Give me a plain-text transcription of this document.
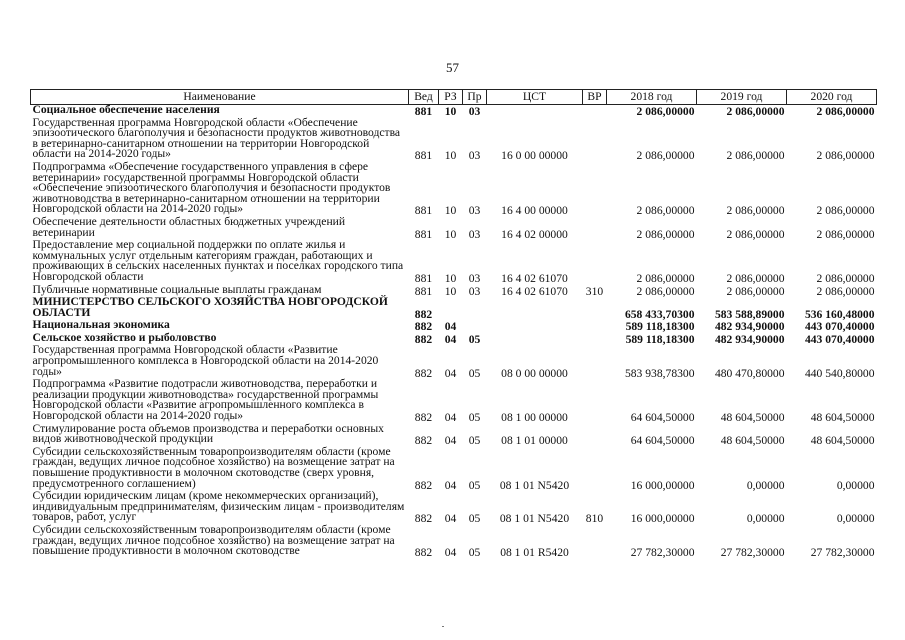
57
Наименование	Вед	РЗ	Пр	ЦСТ	ВР	2018 год	2019 год	2020 год
Социальное обеспечение населения	881	10	03			2 086,00000	2 086,00000	2 086,00000
Государственная программа Новгородской области «Обеспечение эпизоотического благополучия и безопасности продуктов животноводства в ветеринарно-санитарном отношении на территории Новгородской области на 2014-2020 годы»	881	10	03	16 0 00 00000		2 086,00000	2 086,00000	2 086,00000
Подпрограмма «Обеспечение государственного управления в сфере ветеринарии» государственной программы Новгородской области «Обеспечение эпизоотического благополучия и безопасности продуктов животноводства в ветеринарно-санитарном отношении на территории Новгородской области на 2014-2020 годы»	881	10	03	16 4 00 00000		2 086,00000	2 086,00000	2 086,00000
Обеспечение деятельности областных бюджетных учреждений ветеринарии	881	10	03	16 4 02 00000		2 086,00000	2 086,00000	2 086,00000
Предоставление мер социальной поддержки по оплате жилья и коммунальных услуг отдельным категориям граждан, работающих и проживающих в сельских населенных пунктах и поселках городского типа Новгородской области	881	10	03	16 4 02 61070		2 086,00000	2 086,00000	2 086,00000
Публичные нормативные социальные выплаты гражданам	881	10	03	16 4 02 61070	310	2 086,00000	2 086,00000	2 086,00000
МИНИСТЕРСТВО СЕЛЬСКОГО ХОЗЯЙСТВА НОВГОРОДСКОЙ ОБЛАСТИ	882					658 433,70300	583 588,89000	536 160,48000
Национальная экономика	882	04				589 118,18300	482 934,90000	443 070,40000
Сельское хозяйство и рыболовство	882	04	05			589 118,18300	482 934,90000	443 070,40000
Государственная программа Новгородской области «Развитие агропромышленного комплекса в Новгородской области на 2014-2020 годы»	882	04	05	08 0 00 00000		583 938,78300	480 470,80000	440 540,80000
Подпрограмма «Развитие подотрасли животноводства, переработки и реализации продукции животноводства» государственной программы Новгородской области «Развитие агропромышленного комплекса в Новгородской области на 2014-2020 годы»	882	04	05	08 1 00 00000		64 604,50000	48 604,50000	48 604,50000
Стимулирование роста объемов производства и переработки основных видов животноводческой продукции	882	04	05	08 1 01 00000		64 604,50000	48 604,50000	48 604,50000
Субсидии сельскохозяйственным товаропроизводителям области (кроме граждан, ведущих личное подсобное хозяйство) на возмещение затрат на повышение продуктивности в молочном скотоводстве (сверх уровня, предусмотренного соглашением)	882	04	05	08 1 01 N5420		16 000,00000	0,00000	0,00000
Субсидии юридическим лицам (кроме некоммерческих организаций), индивидуальным предпринимателям, физическим лицам - производителям товаров, работ, услуг	882	04	05	08 1 01 N5420	810	16 000,00000	0,00000	0,00000
Субсидии сельскохозяйственным товаропроизводителям области (кроме граждан, ведущих личное подсобное хозяйство) на возмещение затрат на повышение продуктивности в молочном скотоводстве	882	04	05	08 1 01 R5420		27 782,30000	27 782,30000	27 782,30000
